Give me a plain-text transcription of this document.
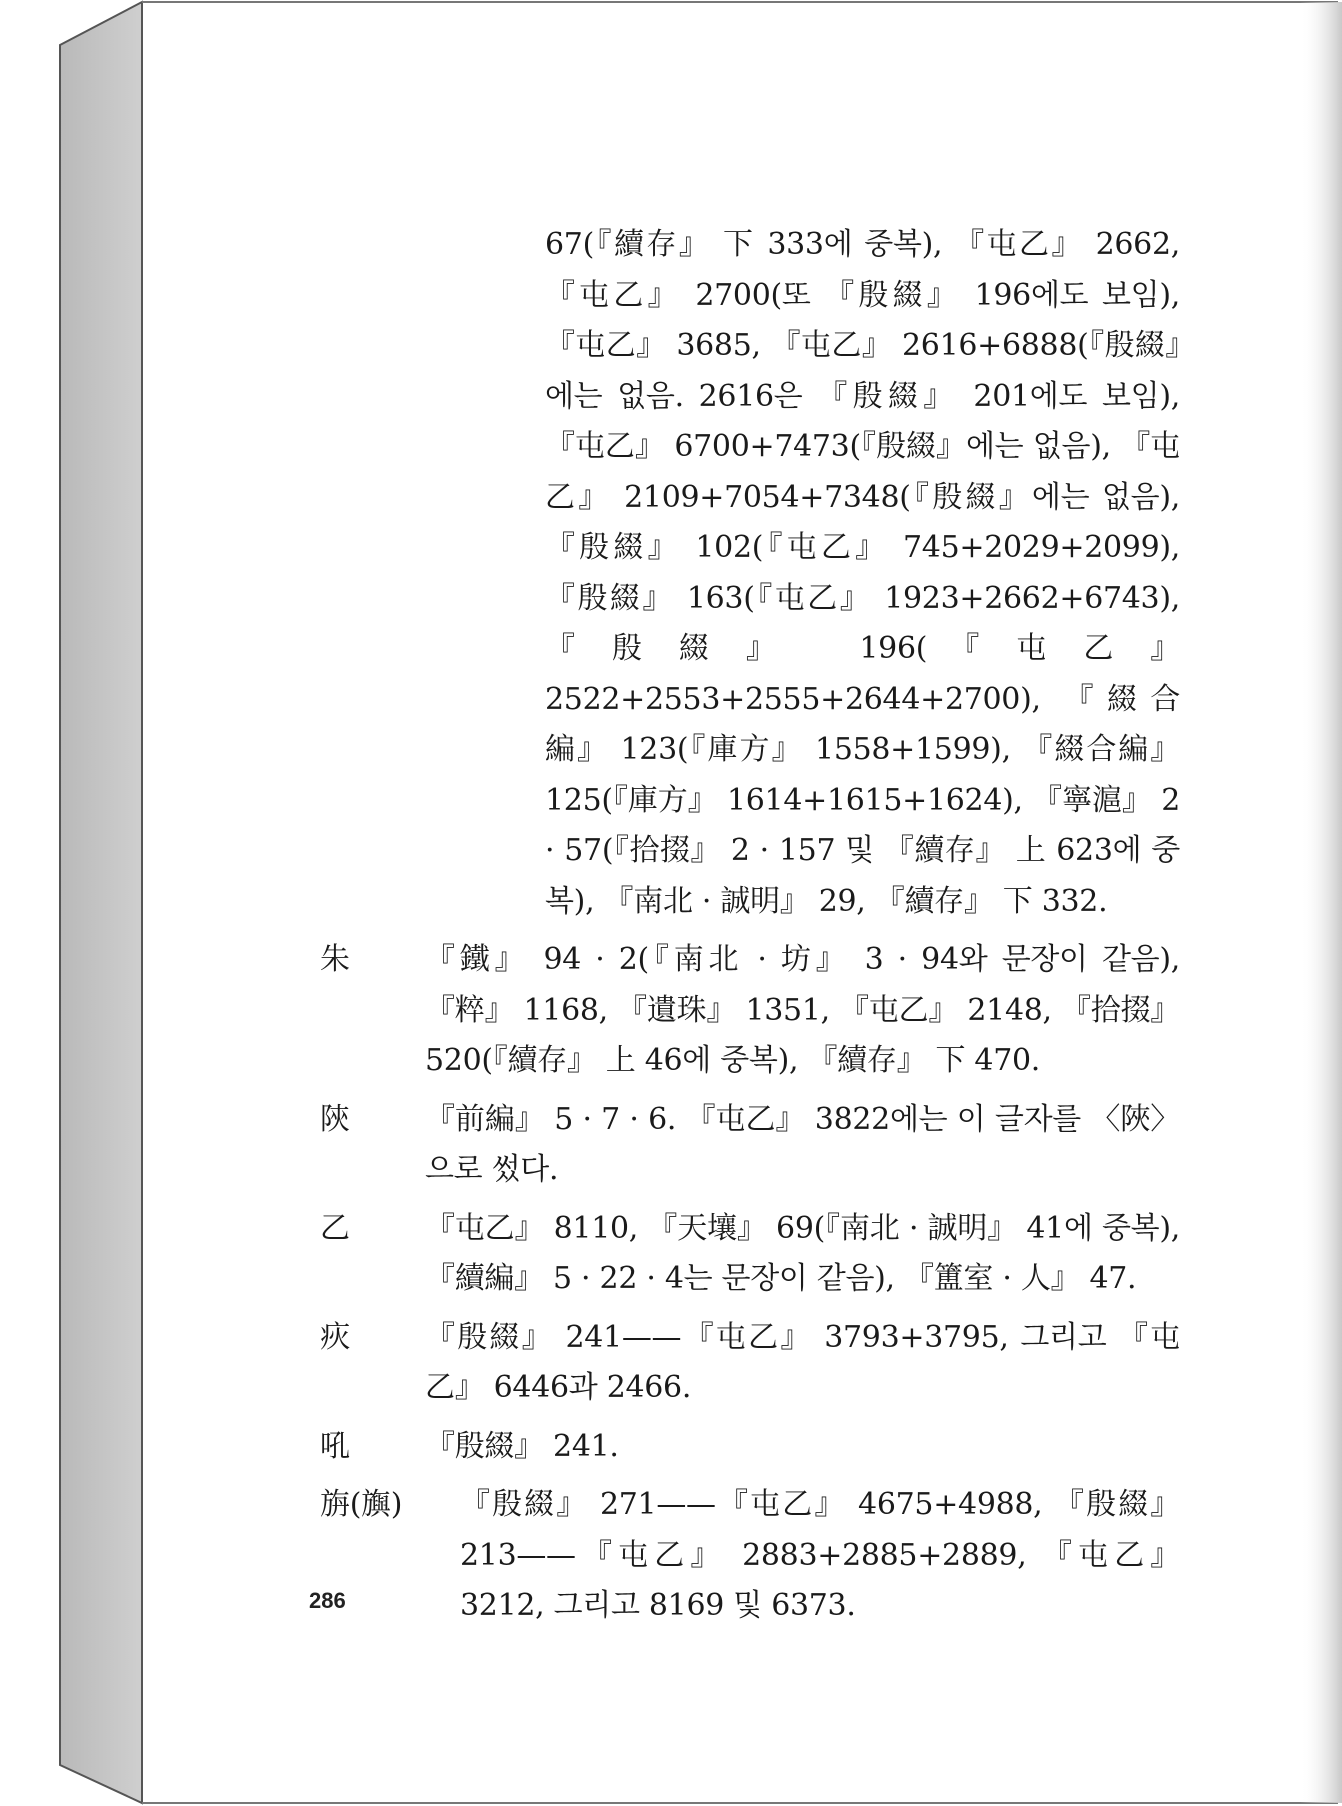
67(『續存』 下 333에 중복), 『屯乙』 2662, 『屯乙』 2700(또 『殷綴』 196에도 보임), 『屯乙』 3685, 『屯乙』 2616+6888(『殷綴』에는 없음. 2616은 『殷綴』 201에도 보임), 『屯乙』 6700+7473(『殷綴』에는 없음), 『屯乙』 2109+7054+7348(『殷綴』에는 없음), 『殷綴』 102(『屯乙』 745+2029+2099), 『殷綴』 163(『屯乙』 1923+2662+6743), 『殷綴』 196(『屯乙』 2522+2553+2555+2644+2700), 『綴合編』 123(『庫方』 1558+1599), 『綴合編』 125(『庫方』 1614+1615+1624), 『寧滬』 2 · 57(『拾掇』 2 · 157 및 『續存』 上 623에 중복), 『南北 · 誠明』 29, 『續存』 下 332.
朱	『鐵』 94 · 2(『南北 · 坊』 3 · 94와 문장이 같음), 『粹』 1168, 『遺珠』 1351, 『屯乙』 2148, 『拾掇』 520(『續存』 上 46에 중복), 『續存』 下 470.
陝	『前編』 5 · 7 · 6. 『屯乙』 3822에는 이 글자를 〈陜〉으로 썼다.
乙	『屯乙』 8110, 『天壤』 69(『南北 · 誠明』 41에 중복), 『續編』 5 · 22 · 4는 문장이 같음), 『簠室 · 人』 47.
疢	『殷綴』 241——『屯乙』 3793+3795, 그리고 『屯乙』 6446과 2466.
吼	『殷綴』 241.
旃(旟)	『殷綴』 271——『屯乙』 4675+4988, 『殷綴』 213——『屯乙』 2883+2885+2889, 『屯乙』 3212, 그리고 8169 및 6373.
286
